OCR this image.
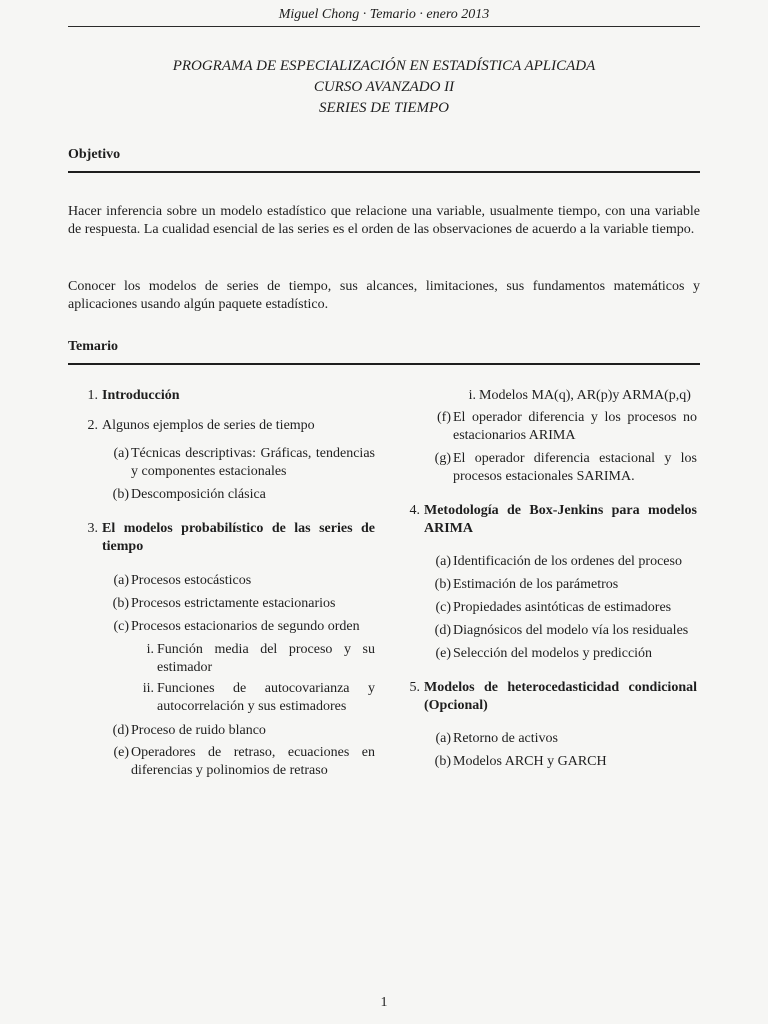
Miguel Chong · Temario · enero 2013
PROGRAMA DE ESPECIALIZACIÓN EN ESTADÍSTICA APLICADA
CURSO AVANZADO II
SERIES DE TIEMPO
Objetivo
Hacer inferencia sobre un modelo estadístico que relacione una variable, usualmente tiempo, con una variable de respuesta. La cualidad esencial de las series es el orden de las observaciones de acuerdo a la variable tiempo.
Conocer los modelos de series de tiempo, sus alcances, limitaciones, sus fundamentos matemáticos y aplicaciones usando algún paquete estadístico.
Temario
1. Introducción
2. Algunos ejemplos de series de tiempo
(a) Técnicas descriptivas: Gráficas, tendencias y componentes estacionales
(b) Descomposición clásica
3. El modelos probabilístico de las series de tiempo
(a) Procesos estocásticos
(b) Procesos estrictamente estacionarios
(c) Procesos estacionarios de segundo orden
i. Función media del proceso y su estimador
ii. Funciones de autocovarianza y autocorrelación y sus estimadores
(d) Proceso de ruido blanco
(e) Operadores de retraso, ecuaciones en diferencias y polinomios de retraso
i. Modelos MA(q), AR(p)y ARMA(p,q)
(f) El operador diferencia y los procesos no estacionarios ARIMA
(g) El operador diferencia estacional y los procesos estacionales SARIMA.
4. Metodología de Box-Jenkins para modelos ARIMA
(a) Identificación de los ordenes del proceso
(b) Estimación de los parámetros
(c) Propiedades asintóticas de estimadores
(d) Diagnósicos del modelo vía los residuales
(e) Selección del modelos y predicción
5. Modelos de heterocedasticidad condicional (Opcional)
(a) Retorno de activos
(b) Modelos ARCH y GARCH
1
